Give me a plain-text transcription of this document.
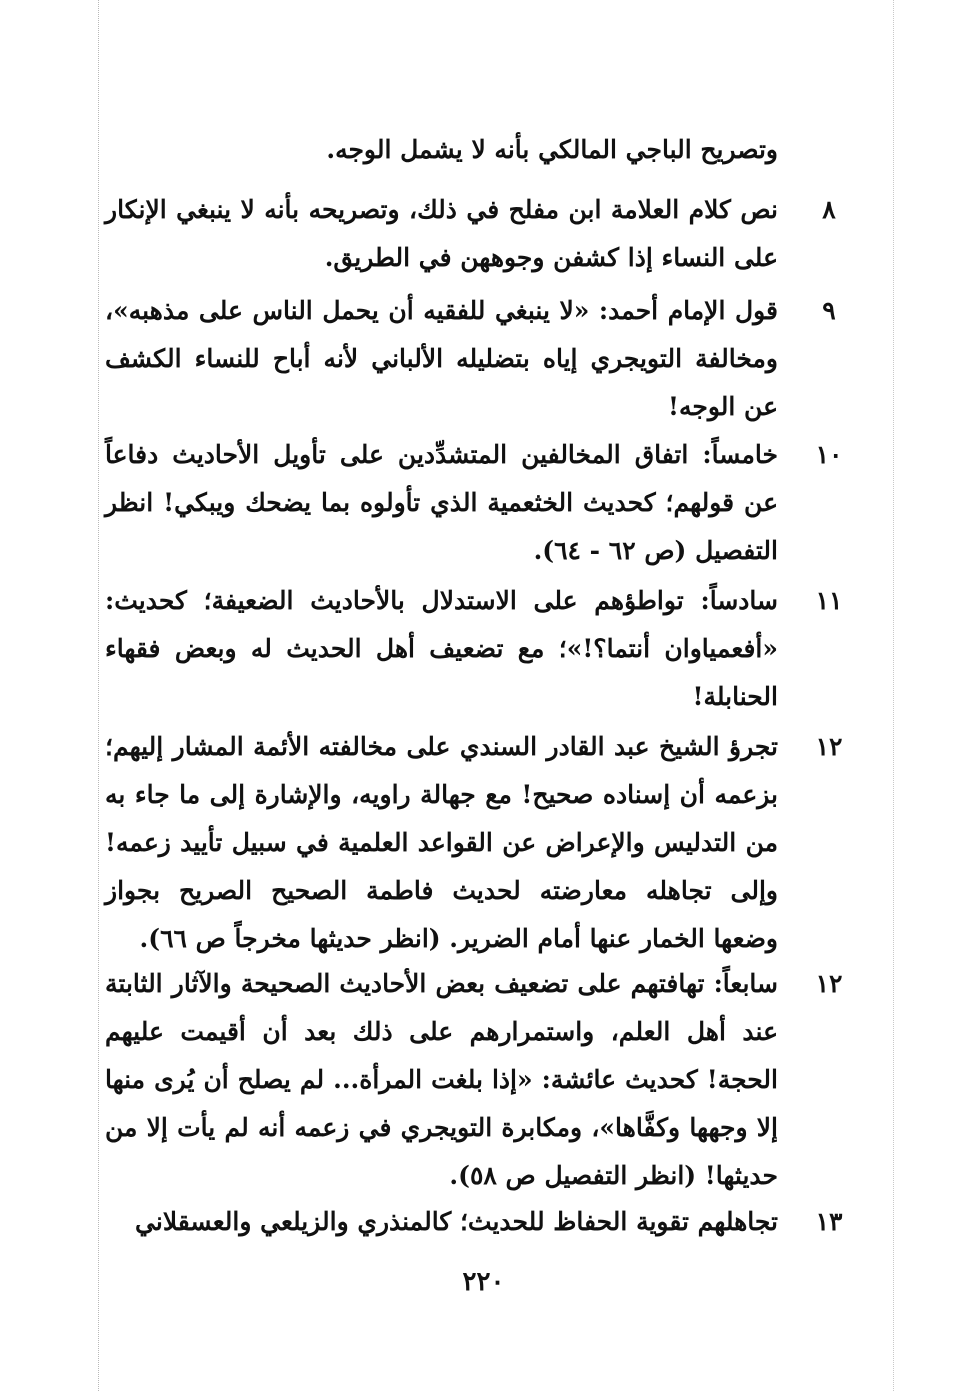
وتصريح الباجي المالكي بأنه لا يشمل الوجه.
٨
نص كلام العلامة ابن مفلح في ذلك، وتصريحه بأنه لا ينبغي الإنكار على النساء إذا كشفن وجوههن في الطريق.
٩
قول الإمام أحمد: «لا ينبغي للفقيه أن يحمل الناس على مذهبه»، ومخالفة التويجري إياه بتضليله الألباني لأنه أباح للنساء الكشف عن الوجه!
١٠
خامساً: اتفاق المخالفين المتشدِّدين على تأويل الأحاديث دفاعاً عن قولهم؛ كحديث الخثعمية الذي تأولوه بما يضحك ويبكي! انظر التفصيل (ص ٦٢ - ٦٤).
١١
سادساً: تواطؤهم على الاستدلال بالأحاديث الضعيفة؛ كحديث: «أفعمياوان أنتما؟!»؛ مع تضعيف أهل الحديث له وبعض فقهاء الحنابلة!
١٢
تجرؤ الشيخ عبد القادر السندي على مخالفته الأئمة المشار إليهم؛ بزعمه أن إسناده صحيح! مع جهالة راويه، والإشارة إلى ما جاء به من التدليس والإعراض عن القواعد العلمية في سبيل تأييد زعمه! وإلى تجاهله معارضته لحديث فاطمة الصحيح الصريح بجواز وضعها الخمار عنها أمام الضرير. (انظر حديثها مخرجاً ص ٦٦).
١٢
سابعاً: تهافتهم على تضعيف بعض الأحاديث الصحيحة والآثار الثابتة عند أهل العلم، واستمرارهم على ذلك بعد أن أقيمت عليهم الحجة! كحديث عائشة: «إذا بلغت المرأة... لم يصلح أن يُرى منها إلا وجهها وكفَّاها»، ومكابرة التويجري في زعمه أنه لم يأت إلا من حديثها! (انظر التفصيل ص ٥٨).
١٣
تجاهلهم تقوية الحفاظ للحديث؛ كالمنذري والزيلعي والعسقلاني
٢٢٠
